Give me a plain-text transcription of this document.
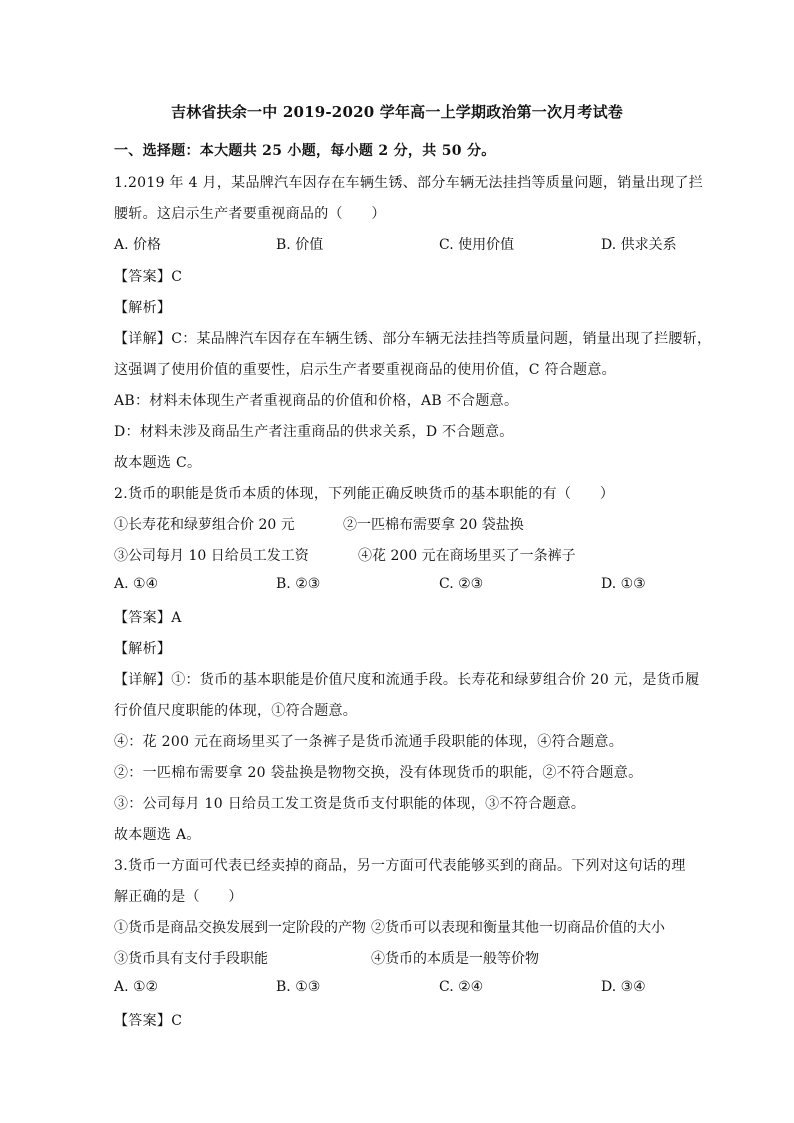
吉林省扶余一中 2019-2020 学年高一上学期政治第一次月考试卷
一、选择题：本大题共 25 小题，每小题 2 分，共 50 分。
1.2019 年 4 月，某品牌汽车因存在车辆生锈、部分车辆无法挂挡等质量问题，销量出现了拦
腰斩。这启示生产者要重视商品的（　　）
A. 价格	B. 价值	C. 使用价值	D. 供求关系
【答案】C
【解析】
【详解】C：某品牌汽车因存在车辆生锈、部分车辆无法挂挡等质量问题，销量出现了拦腰斩，
这强调了使用价值的重要性，启示生产者要重视商品的使用价值，C 符合题意。
AB：材料未体现生产者重视商品的价值和价格，AB 不合题意。
D：材料未涉及商品生产者注重商品的供求关系，D 不合题意。
故本题选 C。
2.货币的职能是货币本质的体现，下列能正确反映货币的基本职能的有（　　）
①长寿花和绿萝组合价 20 元	②一匹棉布需要拿 20 袋盐换
③公司每月 10 日给员工发工资	④花 200 元在商场里买了一条裤子
A. ①④	B. ②③	C. ②③	D. ①③
【答案】A
【解析】
【详解】①：货币的基本职能是价值尺度和流通手段。长寿花和绿萝组合价 20 元，是货币履
行价值尺度职能的体现，①符合题意。
④：花 200 元在商场里买了一条裤子是货币流通手段职能的体现，④符合题意。
②：一匹棉布需要拿 20 袋盐换是物物交换，没有体现货币的职能，②不符合题意。
③：公司每月 10 日给员工发工资是货币支付职能的体现，③不符合题意。
故本题选 A。
3.货币一方面可代表已经卖掉的商品，另一方面可代表能够买到的商品。下列对这句话的理
解正确的是（　　）
①货币是商品交换发展到一定阶段的产物 ②货币可以表现和衡量其他一切商品价值的大小
③货币具有支付手段职能	④货币的本质是一般等价物
A. ①②	B. ①③	C. ②④	D. ③④
【答案】C
